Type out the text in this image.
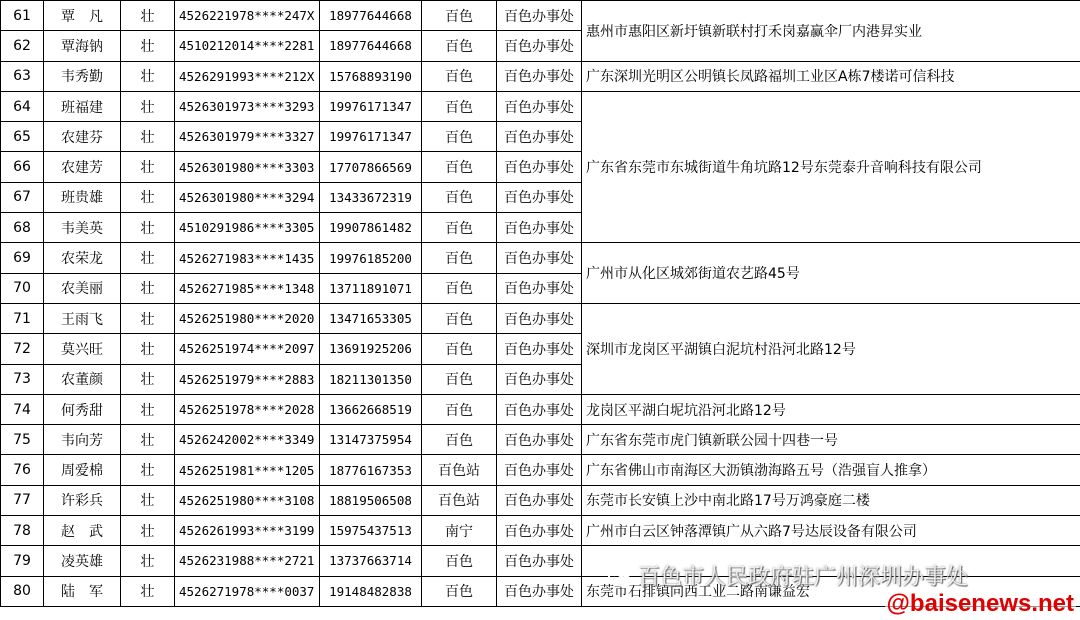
61	覃　凡	壮	4526221978****247X	18977644668	百色	百色办事处	惠州市惠阳区新圩镇新联村打禾岗嘉赢伞厂内港昇实业
62	覃海钠	壮	4510212014****2281	18977644668	百色	百色办事处	
63	韦秀勤	壮	4526291993****212X	15768893190	百色	百色办事处	广东深圳光明区公明镇长凤路福圳工业区A栋7楼诺可信科技
64	班福建	壮	4526301973****3293	19976171347	百色	百色办事处	广东省东莞市东城街道牛角坑路12号东莞泰升音响科技有限公司
65	农建芬	壮	4526301979****3327	19976171347	百色	百色办事处	
66	农建芳	壮	4526301980****3303	17707866569	百色	百色办事处	
67	班贵雄	壮	4526301980****3294	13433672319	百色	百色办事处	
68	韦美英	壮	4510291986****3305	19907861482	百色	百色办事处	
69	农荣龙	壮	4526271983****1435	19976185200	百色	百色办事处	广州市从化区城郊街道农艺路45号
70	农美丽	壮	4526271985****1348	13711891071	百色	百色办事处	
71	王雨飞	壮	4526251980****2020	13471653305	百色	百色办事处	深圳市龙岗区平湖镇白泥坑村沿河北路12号
72	莫兴旺	壮	4526251974****2097	13691925206	百色	百色办事处	
73	农董颜	壮	4526251979****2883	18211301350	百色	百色办事处	
74	何秀甜	壮	4526251978****2028	13662668519	百色	百色办事处	龙岗区平湖白坭坑沿河北路12号
75	韦向芳	壮	4526242002****3349	13147375954	百色	百色办事处	广东省东莞市虎门镇新联公园十四巷一号
76	周爱棉	壮	4526251981****1205	18776167353	百色站	百色办事处	广东省佛山市南海区大沥镇渤海路五号（浩强盲人推拿）
77	许彩兵	壮	4526251980****3108	18819506508	百色站	百色办事处	东莞市长安镇上沙中南北路17号万鸿豪庭二楼
78	赵　武	壮	4526261993****3199	15975437513	南宁	百色办事处	广州市白云区钟落潭镇广从六路7号达辰设备有限公司
79	凌英雄	壮	4526231988****2721	13737663714	百色	百色办事处	
80	陆　军	壮	4526271978****0037	19148482838	百色	百色办事处	东莞市石排镇向西工业二路南谦益宏
百色市人民政府驻广州深圳办事处
@baisenews.net
